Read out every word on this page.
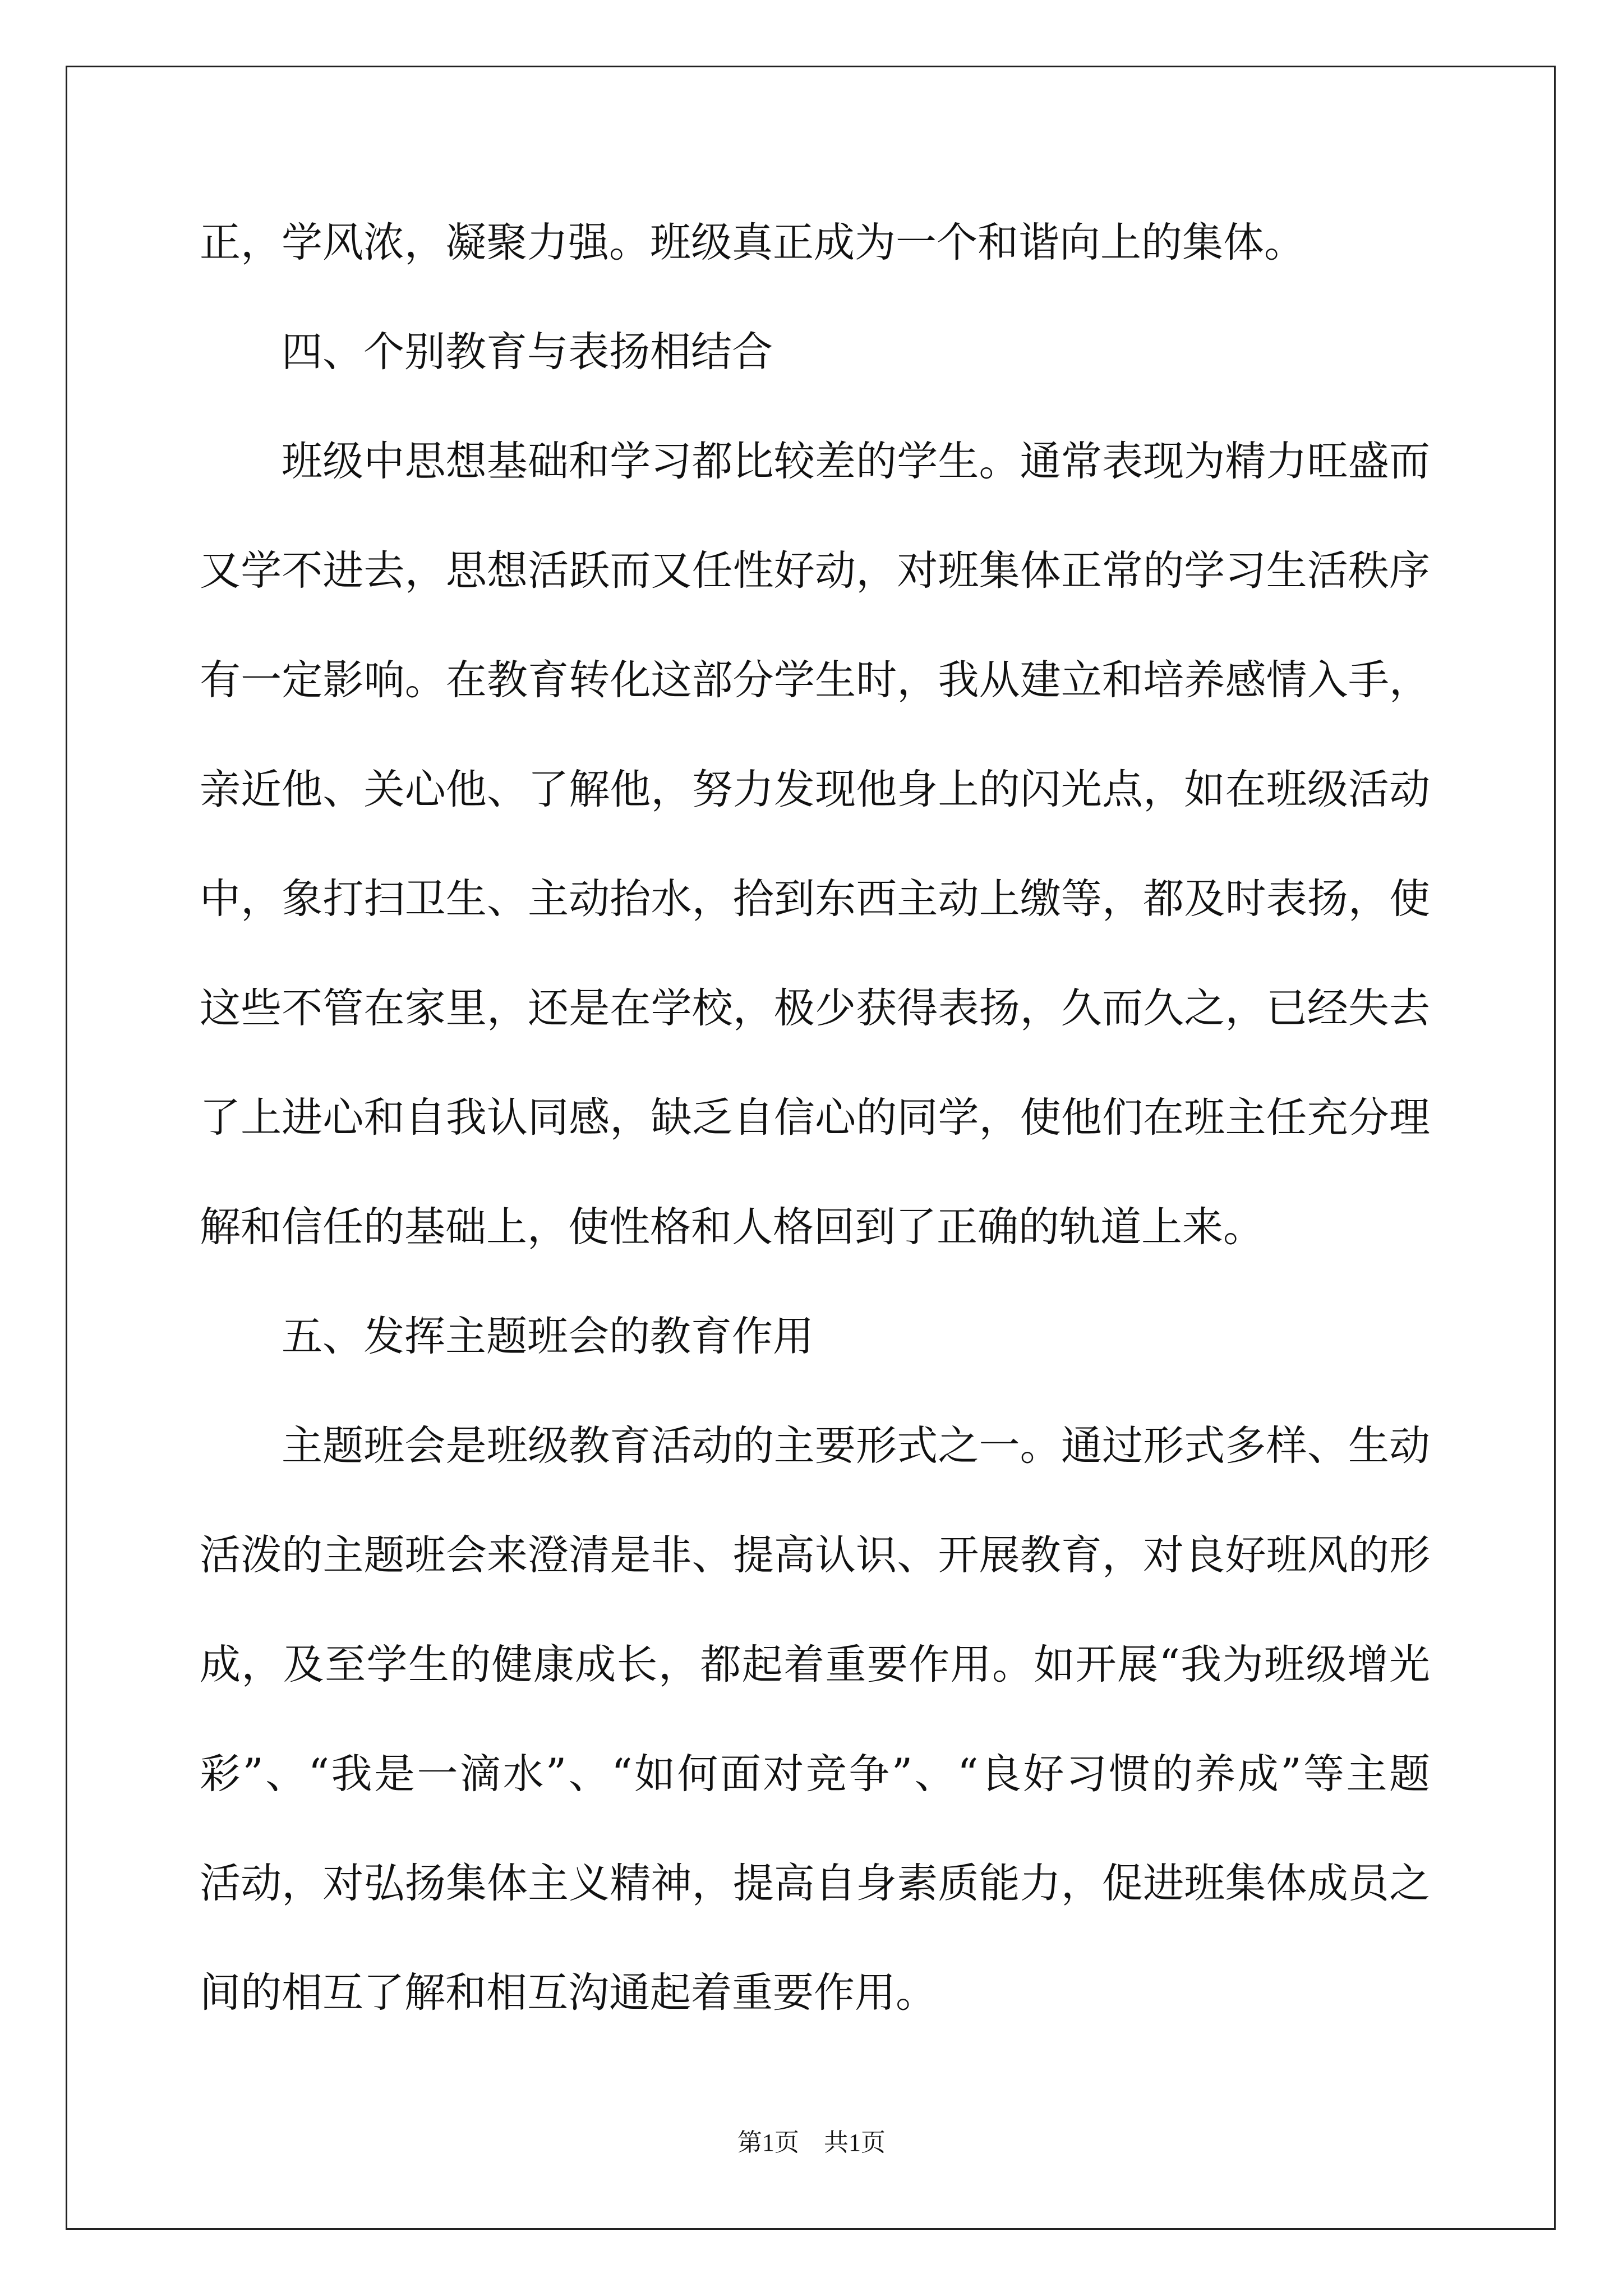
正，学风浓，凝聚力强。班级真正成为一个和谐向上的集体。
四、个别教育与表扬相结合
班级中思想基础和学习都比较差的学生。通常表现为精力旺盛而
又学不进去，思想活跃而又任性好动，对班集体正常的学习生活秩序
有一定影响。在教育转化这部分学生时，我从建立和培养感情入手，
亲近他、关心他、了解他，努力发现他身上的闪光点，如在班级活动
中，象打扫卫生、主动抬水，拾到东西主动上缴等，都及时表扬，使
这些不管在家里，还是在学校，极少获得表扬，久而久之，已经失去
了上进心和自我认同感，缺乏自信心的同学，使他们在班主任充分理
解和信任的基础上，使性格和人格回到了正确的轨道上来。
五、发挥主题班会的教育作用
主题班会是班级教育活动的主要形式之一。通过形式多样、生动
活泼的主题班会来澄清是非、提高认识、开展教育，对良好班风的形
成，及至学生的健康成长，都起着重要作用。如开展“我为班级增光
彩”、“我是一滴水”、“如何面对竞争”、“良好习惯的养成”等主题
活动，对弘扬集体主义精神，提高自身素质能力，促进班集体成员之
间的相互了解和相互沟通起着重要作用。
第1页　共1页
